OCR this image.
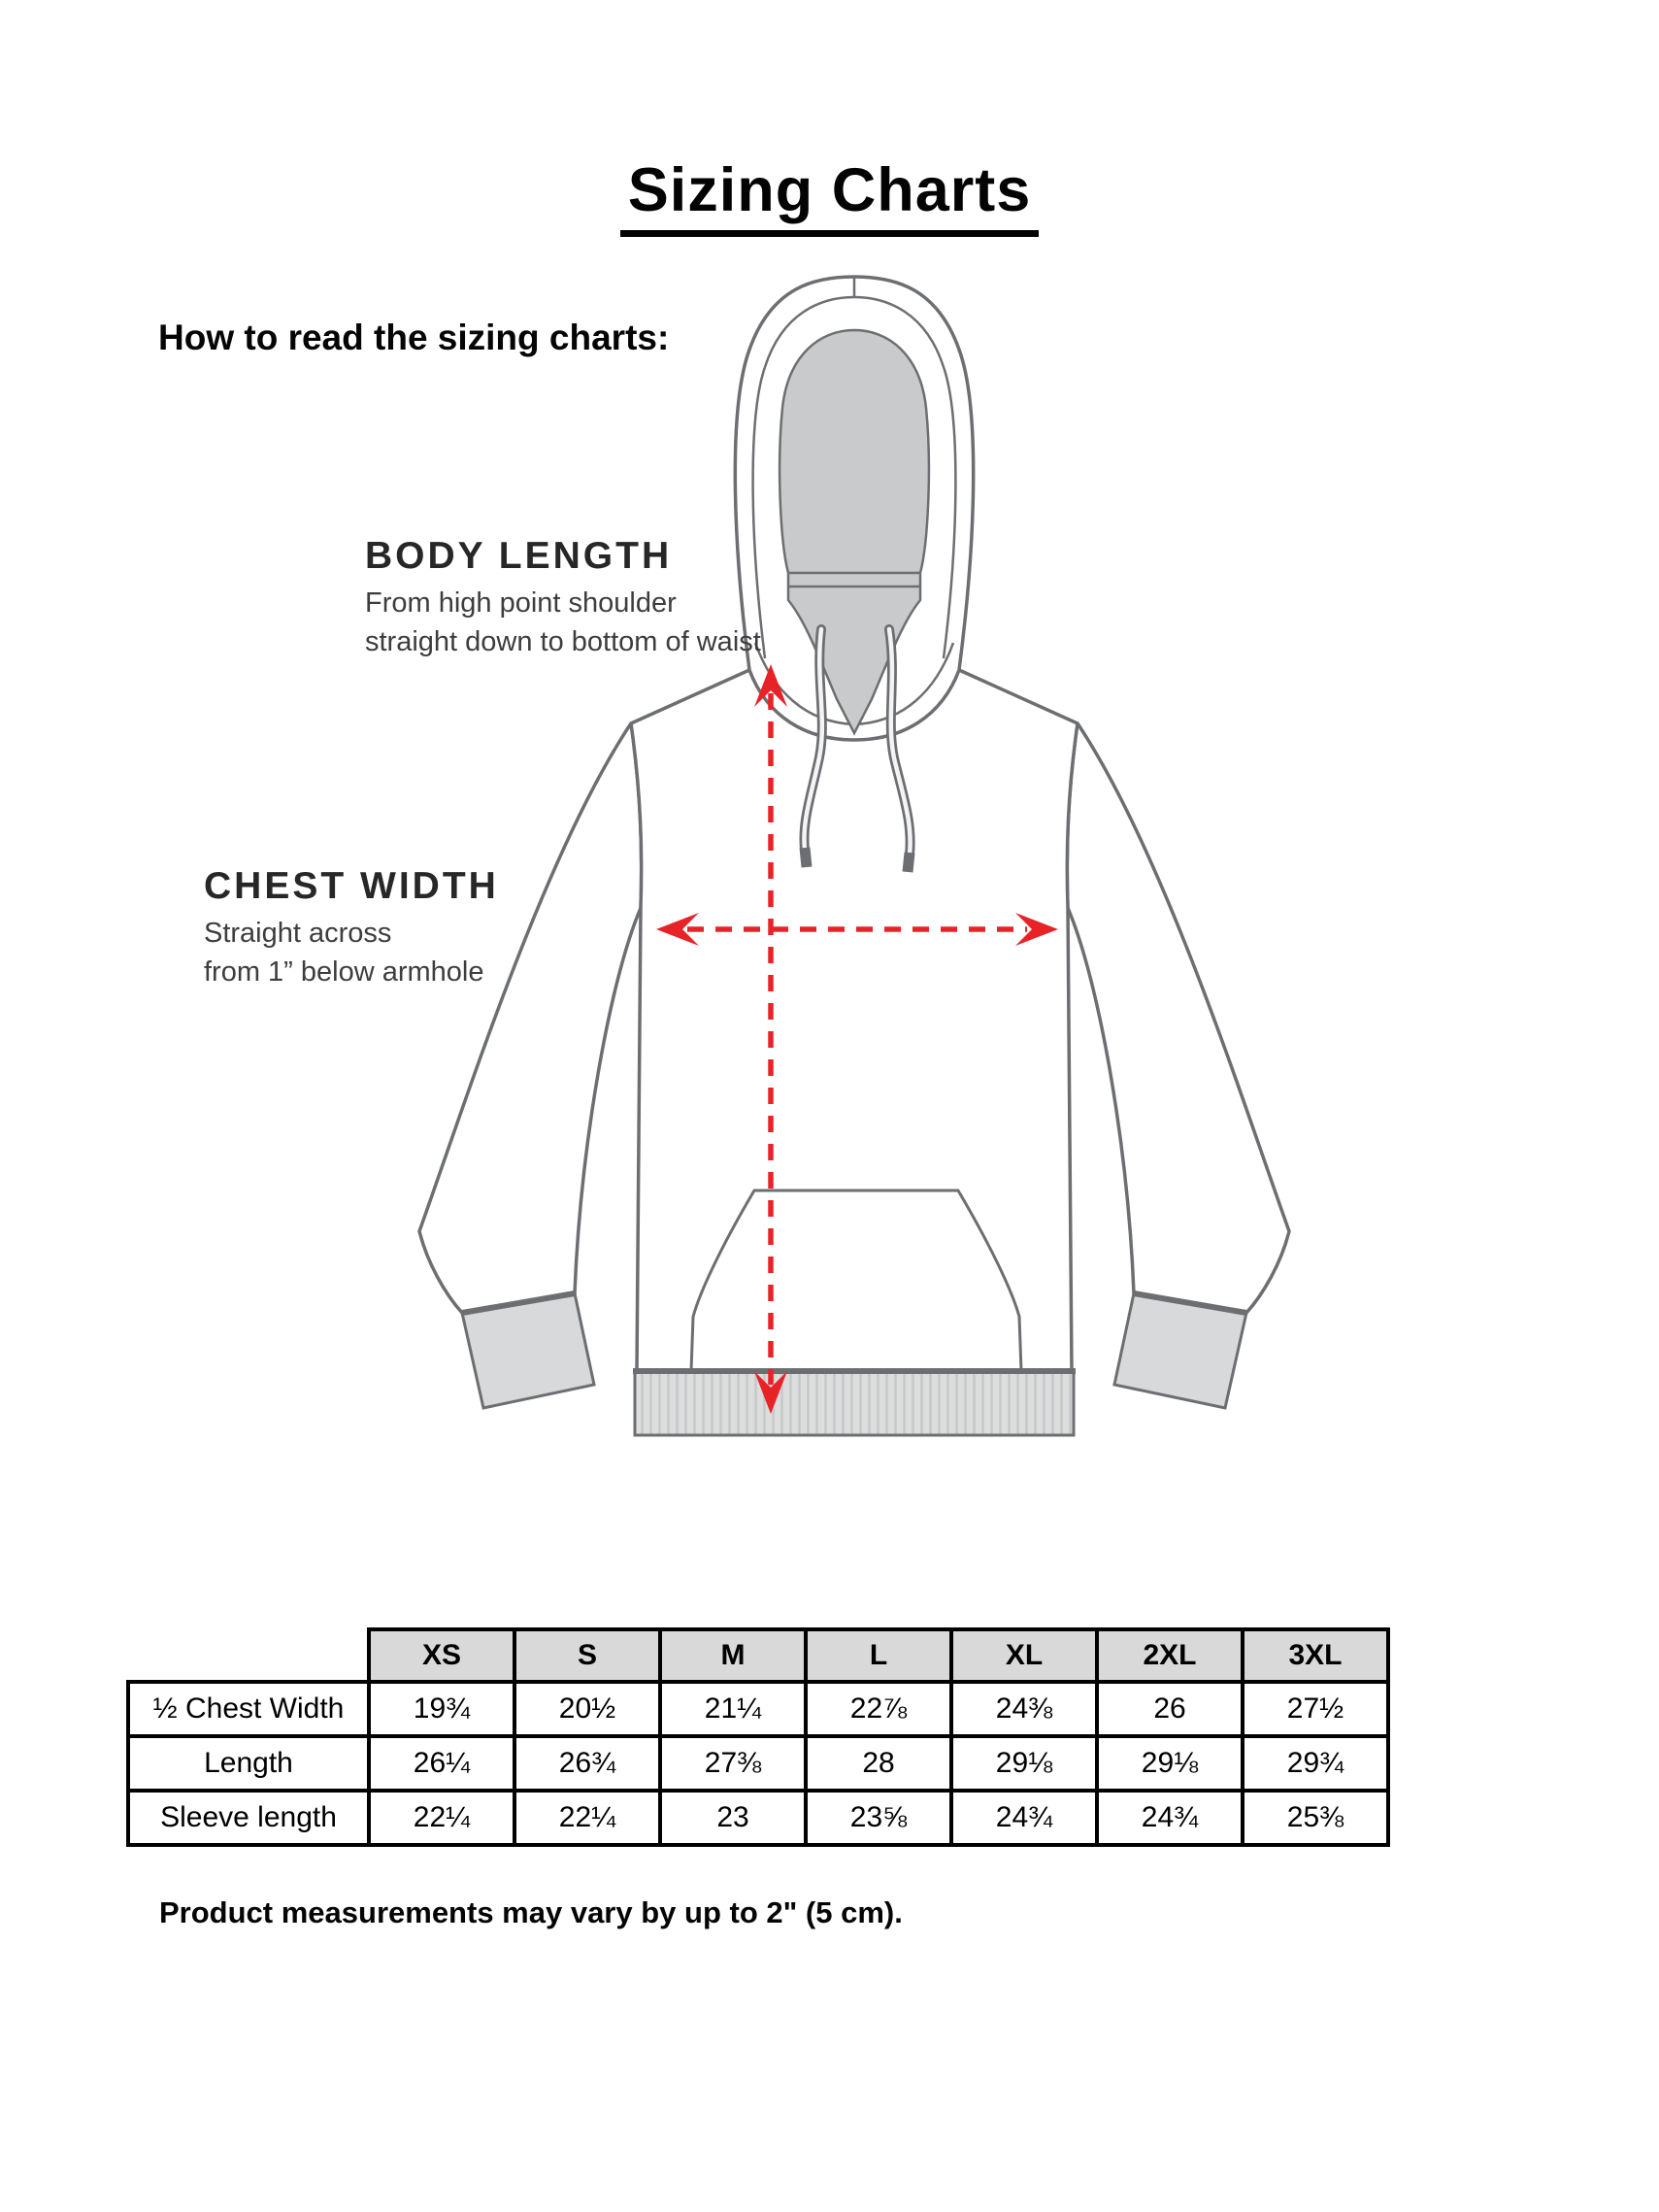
Sizing Charts
How to read the sizing charts:
BODY LENGTH
From high point shoulder
straight down to bottom of waist
CHEST WIDTH
Straight across
from 1” below armhole
	XS	S	M	L	XL	2XL	3XL
½ Chest Width	19¾	20½	21¼	22⅞	24⅜	26	27½
Length	26¼	26¾	27⅜	28	29⅛	29⅛	29¾
Sleeve length	22¼	22¼	23	23⅝	24¾	24¾	25⅜
Product measurements may vary by up to 2" (5 cm).
